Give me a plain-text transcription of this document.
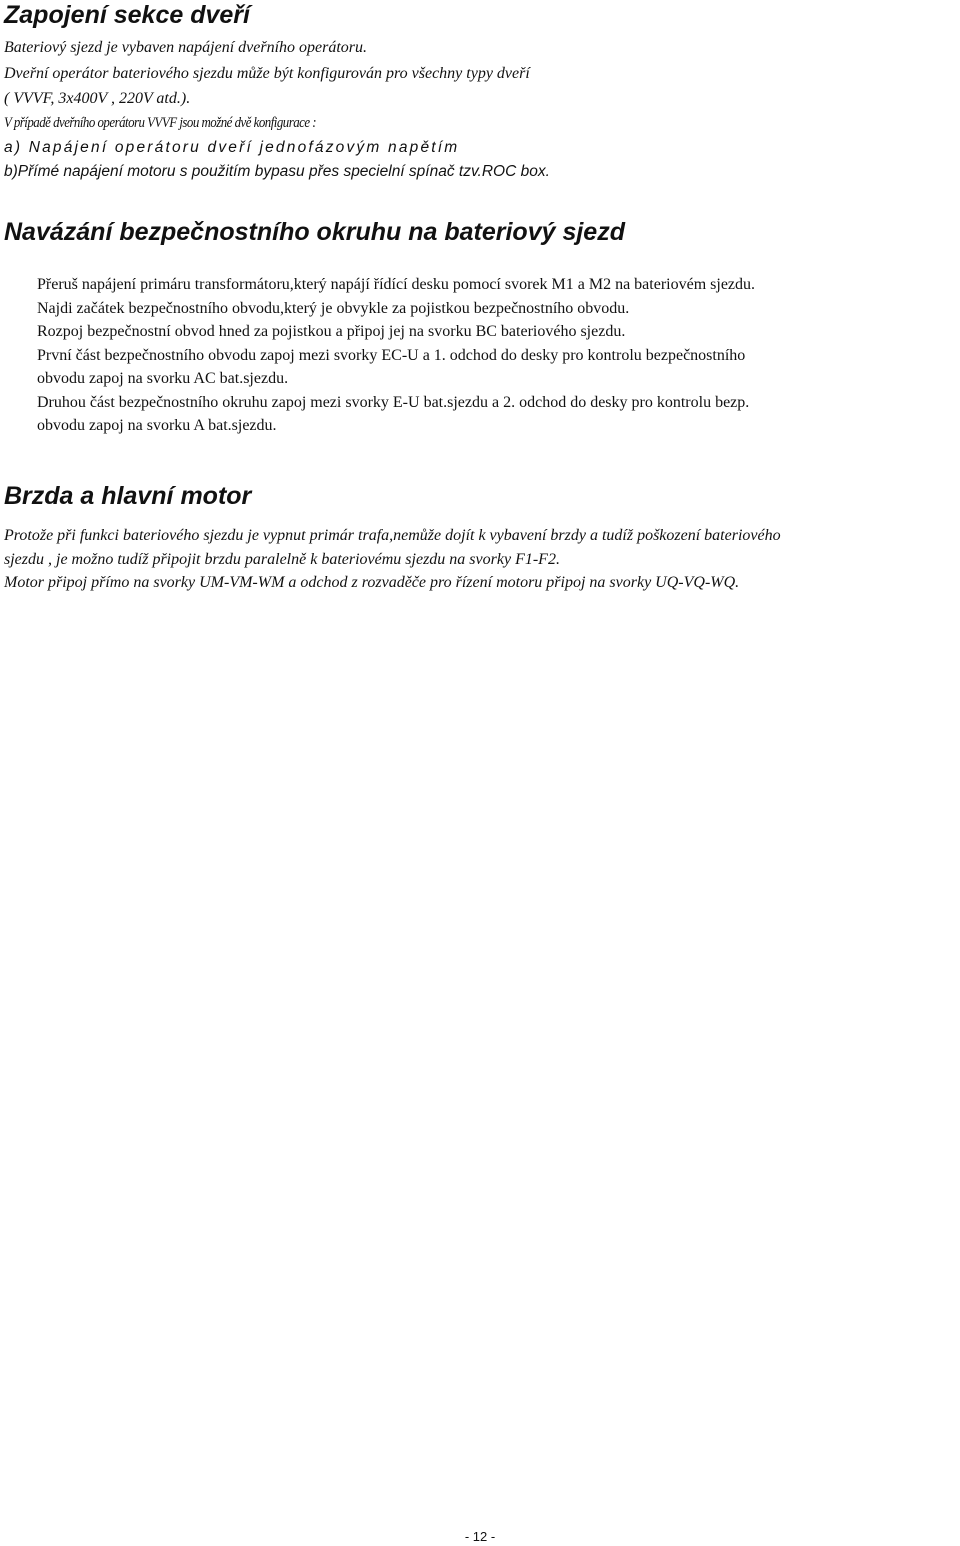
Zapojení sekce dveří
Bateriový sjezd je vybaven napájení dveřního operátoru.
Dveřní operátor bateriového sjezdu může být konfigurován pro všechny typy dveří
( VVVF, 3x400V , 220V atd.).
V případě dveřního operátoru VVVF jsou možné dvě konfigurace :
a) Napájení operátoru dveří jednofázovým napětím
b)Přímé napájení motoru s použitím bypasu přes specielní spínač tzv.ROC box.
Navázání bezpečnostního okruhu na bateriový sjezd
Přeruš napájení primáru transformátoru,který napájí řídící desku pomocí svorek M1 a M2 na bateriovém sjezdu.
Najdi začátek bezpečnostního obvodu,který je obvykle za pojistkou bezpečnostního obvodu.
Rozpoj bezpečnostní obvod hned za pojistkou a připoj jej na svorku BC bateriového sjezdu.
První část bezpečnostního obvodu zapoj mezi svorky EC-U a 1. odchod do desky pro kontrolu bezpečnostního
obvodu zapoj na svorku AC bat.sjezdu.
Druhou část bezpečnostního okruhu zapoj mezi svorky E-U bat.sjezdu a 2. odchod do desky pro kontrolu bezp.
obvodu zapoj na svorku A bat.sjezdu.
Brzda a hlavní motor
Protože při funkci bateriového sjezdu je vypnut primár trafa,nemůže dojít k vybavení brzdy a tudíž poškození bateriového
sjezdu , je možno tudíž připojit brzdu paralelně k bateriovému sjezdu na svorky F1-F2.
Motor připoj přímo na svorky UM-VM-WM a odchod z rozvaděče pro řízení motoru připoj na svorky UQ-VQ-WQ.
- 12 -
